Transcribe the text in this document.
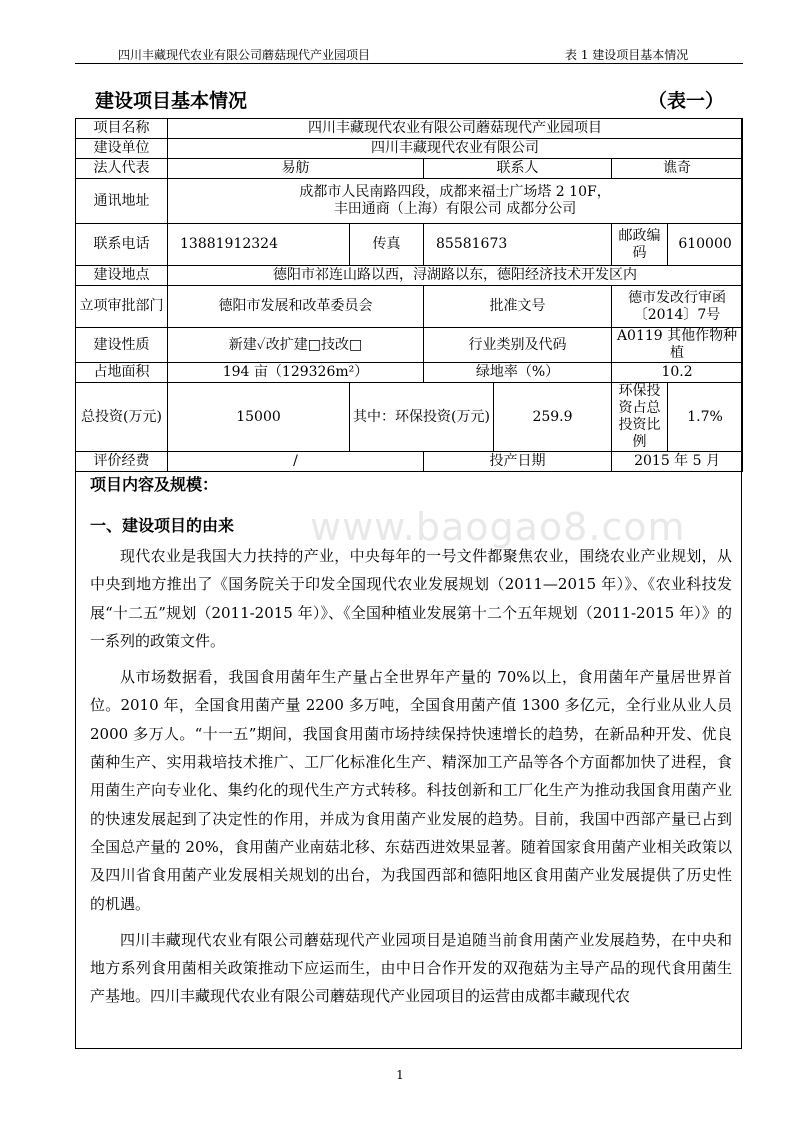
四川丰藏现代农业有限公司蘑菇现代产业园项目	表 1 建设项目基本情况
建设项目基本情况	（表一）
项目名称	四川丰藏现代农业有限公司蘑菇现代产业园项目					
建设单位	四川丰藏现代农业有限公司					
法人代表	易舫		联系人		谯奇	
通讯地址	成都市人民南路四段，成都来福士广场塔 2 10F，
丰田通商（上海）有限公司 成都分公司					

联系电话	13881912324	传真	85581673		邮政编码	610000
建设地点	德阳市祁连山路以西，浔湖路以东，德阳经济技术开发区内					
立项审批部门	德阳市发展和改革委员会		批准文号		德市发改行审函〔2014〕7号	
建设性质	新建✓改扩建□技改□		行业类别及代码		A0119 其他作物种植	
占地面积	194 亩（129326m²）		绿地率（%）		10.2	
总投资(万元)	15000	其中：环保投资(万元)		259.9	环保投资占总投资比例	1.7%
评价经费	/		投产日期		2015 年 5 月	
www.baogao8.com
项目内容及规模：
一、建设项目的由来

现代农业是我国大力扶持的产业，中央每年的一号文件都聚焦农业，围绕农业产业规划，从中央到地方推出了《国务院关于印发全国现代农业发展规划（2011—2015 年）》、《农业科技发展“十二五”规划（2011-2015 年）》、《全国种植业发展第十二个五年规划（2011-2015 年）》的一系列的政策文件。

从市场数据看，我国食用菌年生产量占全世界年产量的 70%以上，食用菌年产量居世界首位。2010 年，全国食用菌产量 2200 多万吨，全国食用菌产值 1300 多亿元，全行业从业人员 2000 多万人。“十一五”期间，我国食用菌市场持续保持快速增长的趋势，在新品种开发、优良菌种生产、实用栽培技术推广、工厂化标准化生产、精深加工产品等各个方面都加快了进程，食用菌生产向专业化、集约化的现代生产方式转移。科技创新和工厂化生产为推动我国食用菌产业的快速发展起到了决定性的作用，并成为食用菌产业发展的趋势。目前，我国中西部产量已占到全国总产量的 20%，食用菌产业南菇北移、东菇西进效果显著。随着国家食用菌产业相关政策以及四川省食用菌产业发展相关规划的出台，为我国西部和德阳地区食用菌产业发展提供了历史性的机遇。

四川丰藏现代农业有限公司蘑菇现代产业园项目是追随当前食用菌产业发展趋势，在中央和地方系列食用菌相关政策推动下应运而生，由中日合作开发的双孢菇为主导产品的现代食用菌生产基地。四川丰藏现代农业有限公司蘑菇现代产业园项目的运营由成都丰藏现代农

1
